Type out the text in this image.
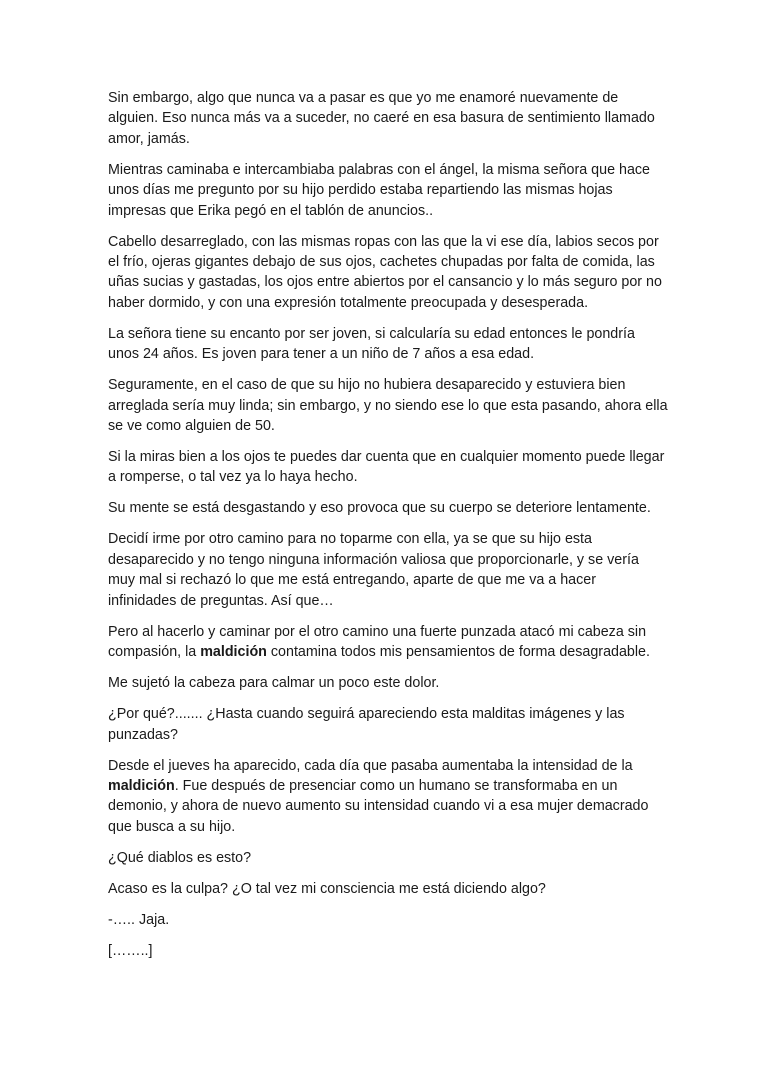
Sin embargo, algo que nunca va a pasar es que yo me enamoré nuevamente de alguien. Eso nunca más va a suceder, no caeré en esa basura de sentimiento llamado amor, jamás.

Mientras caminaba e intercambiaba palabras con el ángel, la misma señora que hace unos días me pregunto por su hijo perdido estaba repartiendo las mismas hojas impresas que Erika pegó en el tablón de anuncios..

Cabello desarreglado, con las mismas ropas con las que la vi ese día, labios secos por el frío, ojeras gigantes debajo de sus ojos, cachetes chupadas por falta de comida, las uñas sucias y gastadas, los ojos entre abiertos por el cansancio y lo más seguro por no haber dormido, y con una expresión totalmente preocupada y desesperada.

La señora tiene su encanto por ser joven, si calcularía su edad entonces le pondría unos 24 años. Es joven para tener a un niño de 7 años a esa edad.

Seguramente, en el caso de que su hijo no hubiera desaparecido y estuviera bien arreglada sería muy linda; sin embargo, y no siendo ese lo que esta pasando, ahora ella se ve como alguien de 50.

Si la miras bien a los ojos te puedes dar cuenta que en cualquier momento puede llegar a romperse, o tal vez ya lo haya hecho.

Su mente se está desgastando y eso provoca que su cuerpo se deteriore lentamente.

Decidí irme por otro camino para no toparme con ella, ya se que su hijo esta desaparecido y no tengo ninguna información valiosa que proporcionarle, y se vería muy mal si rechazó lo que me está entregando, aparte de que me va a hacer infinidades de preguntas. Así que…

Pero al hacerlo y caminar por el otro camino una fuerte punzada atacó mi cabeza sin compasión, la maldición contamina todos mis pensamientos de forma desagradable.

Me sujetó la cabeza para calmar un poco este dolor.

¿Por qué?....... ¿Hasta cuando seguirá apareciendo esta malditas imágenes y las punzadas?

Desde el jueves ha aparecido, cada día que pasaba aumentaba la intensidad de la maldición. Fue después de presenciar como un humano se transformaba en un demonio, y ahora de nuevo aumento su intensidad cuando vi a esa mujer demacrado que busca a su hijo.

¿Qué diablos es esto?

Acaso es la culpa? ¿O tal vez mi consciencia me está diciendo algo?

-….. Jaja.

[……..]
